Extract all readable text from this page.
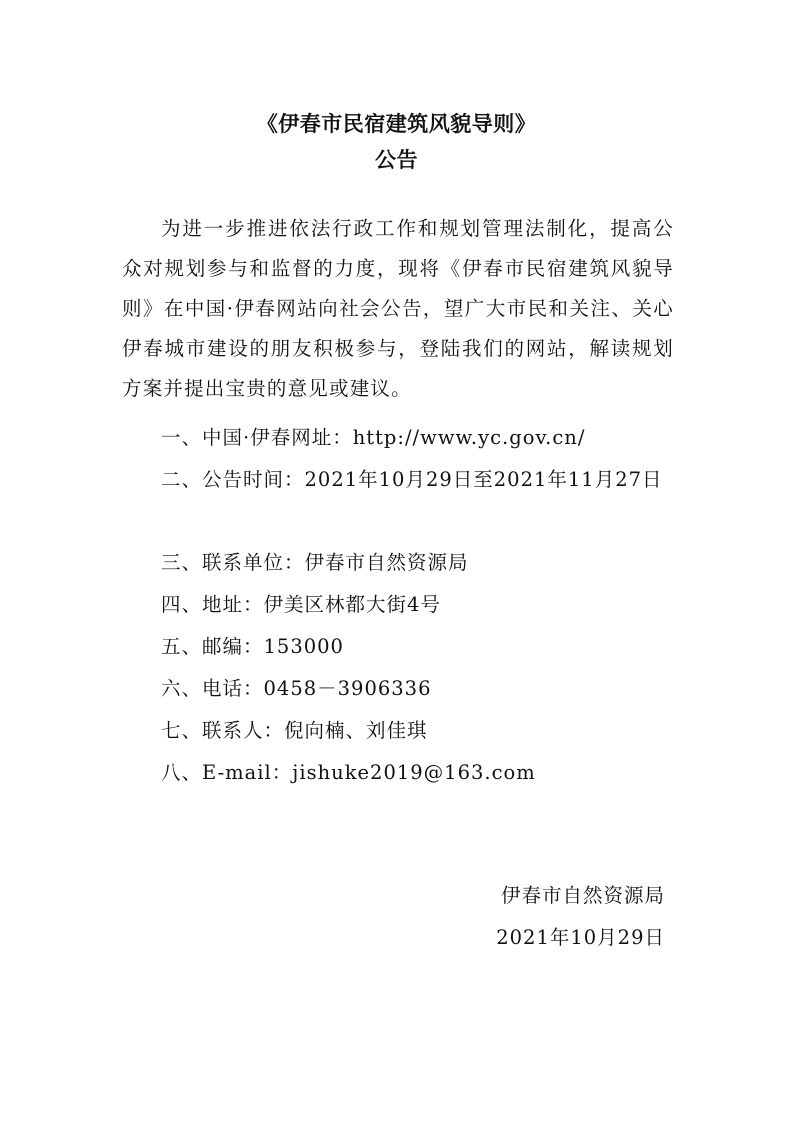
《伊春市民宿建筑风貌导则》
公告
为进一步推进依法行政工作和规划管理法制化，提高公众对规划参与和监督的力度，现将《伊春市民宿建筑风貌导则》在中国·伊春网站向社会公告，望广大市民和关注、关心伊春城市建设的朋友积极参与，登陆我们的网站，解读规划方案并提出宝贵的意见或建议。
一、中国·伊春网址：http://www.yc.gov.cn/
二、公告时间：2021年10月29日至2021年11月27日
三、联系单位：伊春市自然资源局
四、地址：伊美区林都大街4号
五、邮编：153000
六、电话：0458－3906336
七、联系人：倪向楠、刘佳琪
八、E-mail：jishuke2019@163.com
伊春市自然资源局
2021年10月29日
